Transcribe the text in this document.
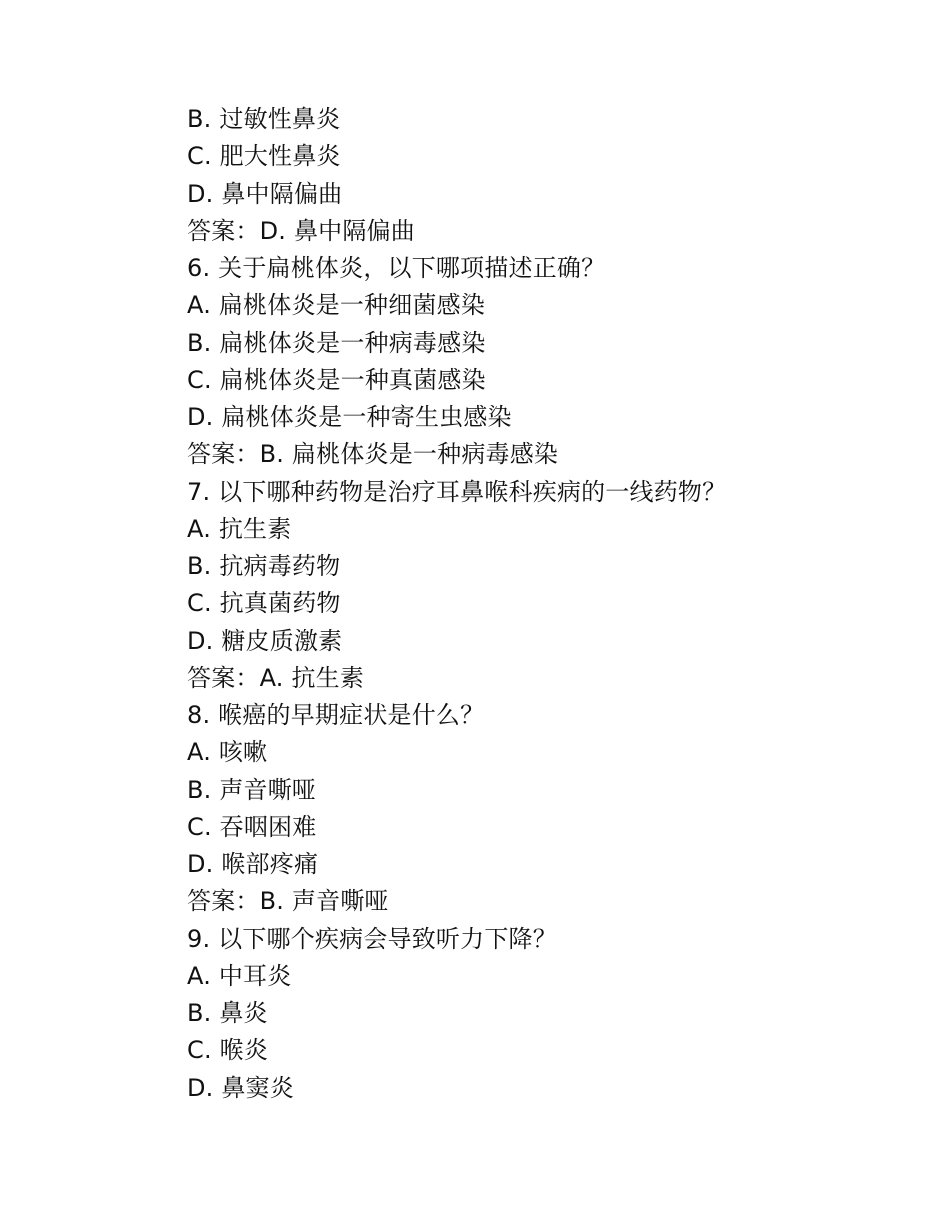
B. 过敏性鼻炎
C. 肥大性鼻炎
D. 鼻中隔偏曲
答案：D. 鼻中隔偏曲
6. 关于扁桃体炎，以下哪项描述正确？
A. 扁桃体炎是一种细菌感染
B. 扁桃体炎是一种病毒感染
C. 扁桃体炎是一种真菌感染
D. 扁桃体炎是一种寄生虫感染
答案：B. 扁桃体炎是一种病毒感染
7. 以下哪种药物是治疗耳鼻喉科疾病的一线药物？
A. 抗生素
B. 抗病毒药物
C. 抗真菌药物
D. 糖皮质激素
答案：A. 抗生素
8. 喉癌的早期症状是什么？
A. 咳嗽
B. 声音嘶哑
C. 吞咽困难
D. 喉部疼痛
答案：B. 声音嘶哑
9. 以下哪个疾病会导致听力下降？
A. 中耳炎
B. 鼻炎
C. 喉炎
D. 鼻窦炎
